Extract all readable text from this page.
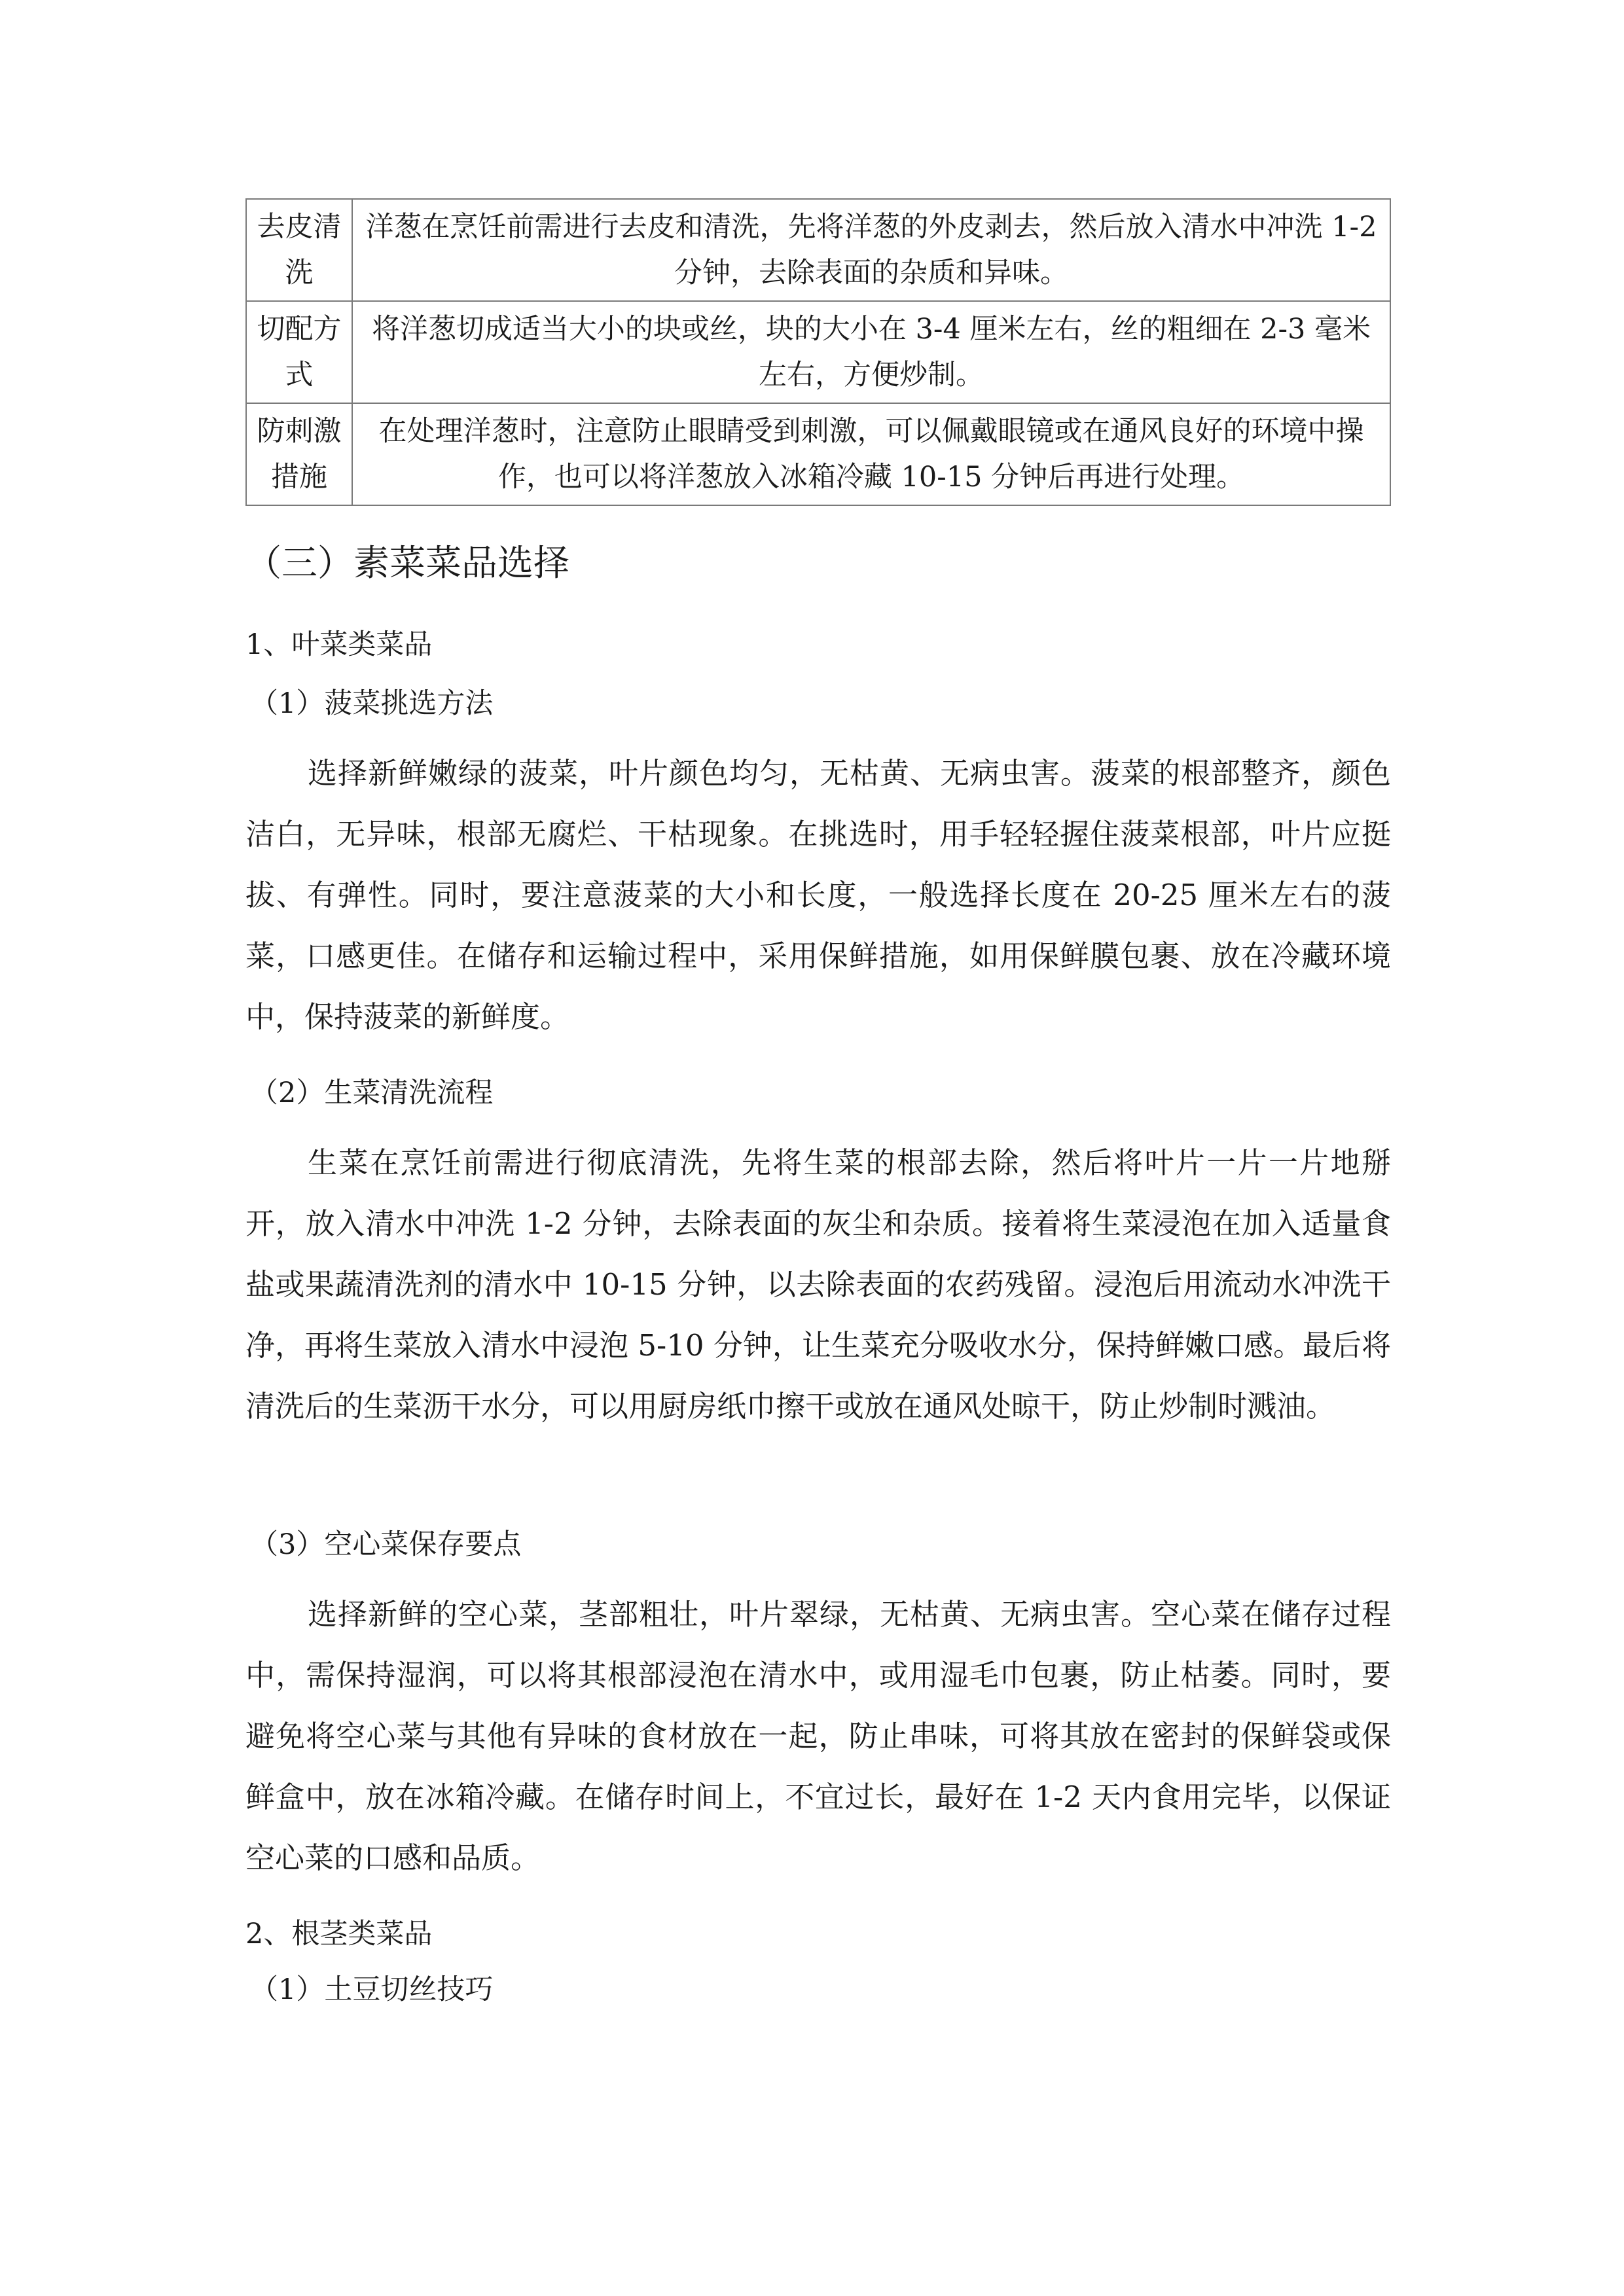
去皮清洗	洋葱在烹饪前需进行去皮和清洗，先将洋葱的外皮剥去，然后放入清水中冲洗 1-2 分钟，去除表面的杂质和异味。
切配方式	将洋葱切成适当大小的块或丝，块的大小在 3-4 厘米左右，丝的粗细在 2-3 毫米左右，方便炒制。
防刺激措施	在处理洋葱时，注意防止眼睛受到刺激，可以佩戴眼镜或在通风良好的环境中操作，也可以将洋葱放入冰箱冷藏 10-15 分钟后再进行处理。
（三）素菜菜品选择
1、叶菜类菜品
（1）菠菜挑选方法

选择新鲜嫩绿的菠菜，叶片颜色均匀，无枯黄、无病虫害。菠菜的根部整齐，颜色洁白，无异味，根部无腐烂、干枯现象。在挑选时，用手轻轻握住菠菜根部，叶片应挺拔、有弹性。同时，要注意菠菜的大小和长度，一般选择长度在 20-25 厘米左右的菠菜，口感更佳。在储存和运输过程中，采用保鲜措施，如用保鲜膜包裹、放在冷藏环境中，保持菠菜的新鲜度。

（2）生菜清洗流程

生菜在烹饪前需进行彻底清洗，先将生菜的根部去除，然后将叶片一片一片地掰开，放入清水中冲洗 1-2 分钟，去除表面的灰尘和杂质。接着将生菜浸泡在加入适量食盐或果蔬清洗剂的清水中 10-15 分钟，以去除表面的农药残留。浸泡后用流动水冲洗干净，再将生菜放入清水中浸泡 5-10 分钟，让生菜充分吸收水分，保持鲜嫩口感。最后将清洗后的生菜沥干水分，可以用厨房纸巾擦干或放在通风处晾干，防止炒制时溅油。

（3）空心菜保存要点

选择新鲜的空心菜，茎部粗壮，叶片翠绿，无枯黄、无病虫害。空心菜在储存过程中，需保持湿润，可以将其根部浸泡在清水中，或用湿毛巾包裹，防止枯萎。同时，要避免将空心菜与其他有异味的食材放在一起，防止串味，可将其放在密封的保鲜袋或保鲜盒中，放在冰箱冷藏。在储存时间上，不宜过长，最好在 1-2 天内食用完毕，以保证空心菜的口感和品质。

2、根茎类菜品
（1）土豆切丝技巧
